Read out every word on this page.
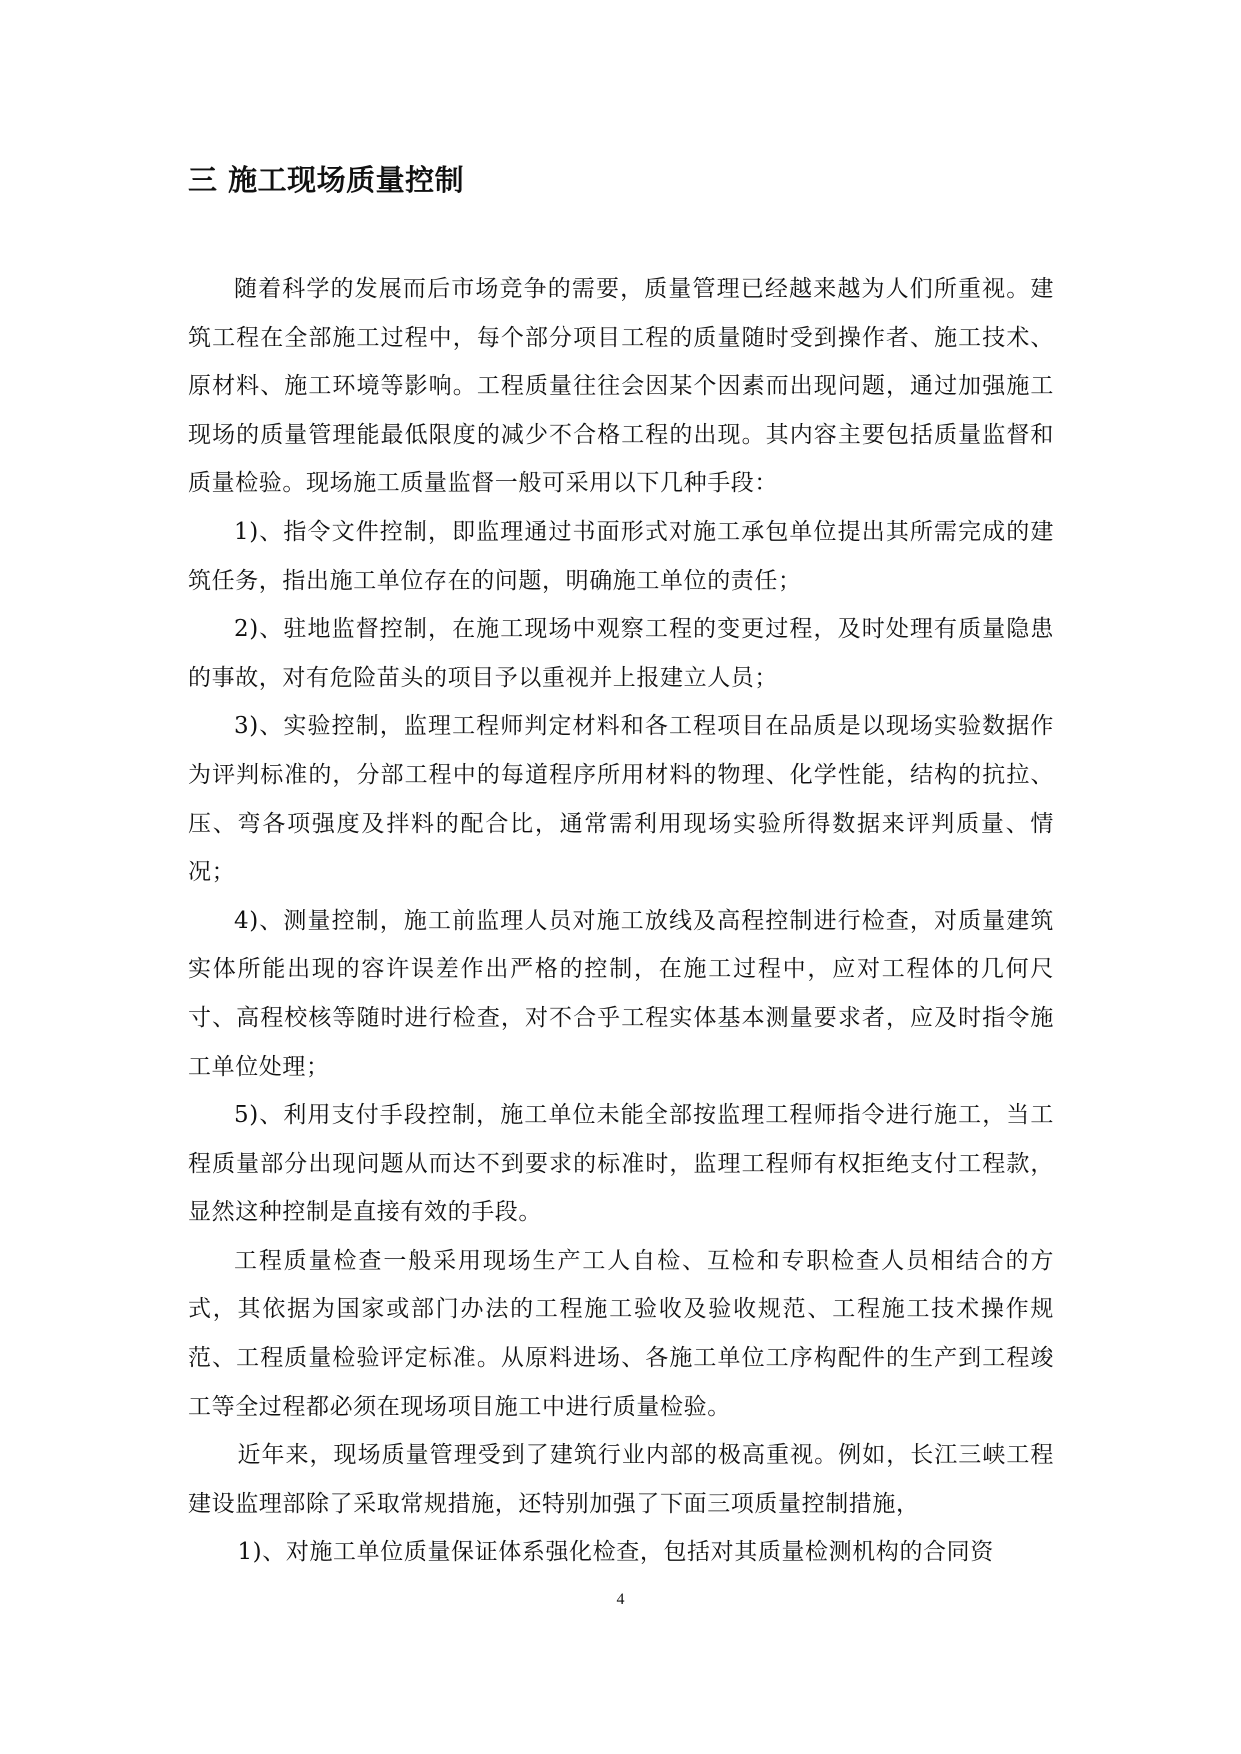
三 施工现场质量控制

随着科学的发展而后市场竞争的需要，质量管理已经越来越为人们所重视。建筑工程在全部施工过程中，每个部分项目工程的质量随时受到操作者、施工技术、原材料、施工环境等影响。工程质量往往会因某个因素而出现问题，通过加强施工现场的质量管理能最低限度的减少不合格工程的出现。其内容主要包括质量监督和质量检验。现场施工质量监督一般可采用以下几种手段：

1)、指令文件控制，即监理通过书面形式对施工承包单位提出其所需完成的建筑任务，指出施工单位存在的问题，明确施工单位的责任；

2)、驻地监督控制，在施工现场中观察工程的变更过程，及时处理有质量隐患的事故，对有危险苗头的项目予以重视并上报建立人员；

3)、实验控制，监理工程师判定材料和各工程项目在品质是以现场实验数据作为评判标准的，分部工程中的每道程序所用材料的物理、化学性能，结构的抗拉、压、弯各项强度及拌料的配合比，通常需利用现场实验所得数据来评判质量、情况；

4)、测量控制，施工前监理人员对施工放线及高程控制进行检查，对质量建筑实体所能出现的容许误差作出严格的控制，在施工过程中，应对工程体的几何尺寸、高程校核等随时进行检查，对不合乎工程实体基本测量要求者，应及时指令施工单位处理；

5)、利用支付手段控制，施工单位未能全部按监理工程师指令进行施工，当工程质量部分出现问题从而达不到要求的标准时，监理工程师有权拒绝支付工程款，显然这种控制是直接有效的手段。

工程质量检查一般采用现场生产工人自检、互检和专职检查人员相结合的方式，其依据为国家或部门办法的工程施工验收及验收规范、工程施工技术操作规范、工程质量检验评定标准。从原料进场、各施工单位工序构配件的生产到工程竣工等全过程都必须在现场项目施工中进行质量检验。

近年来，现场质量管理受到了建筑行业内部的极高重视。例如，长江三峡工程建设监理部除了采取常规措施，还特别加强了下面三项质量控制措施，

1)、对施工单位质量保证体系强化检查，包括对其质量检测机构的合同资

4
